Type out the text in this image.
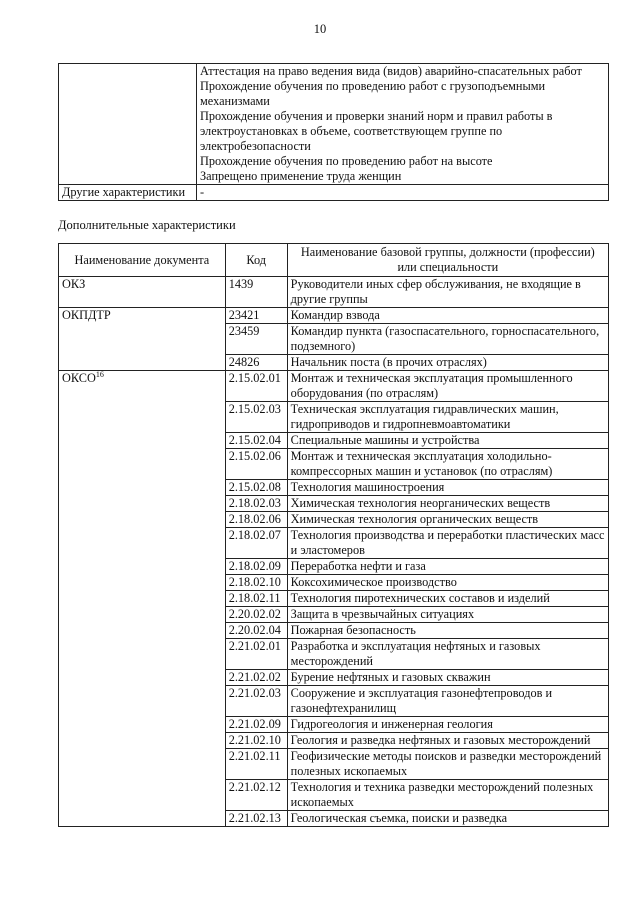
10

	Аттестация на право ведения вида (видов) аварийно-спасательных работ
Прохождение обучения по проведению работ с грузоподъемными механизмами
Прохождение обучения и проверки знаний норм и правил работы в электроустановках в объеме, соответствующем группе по электробезопасности
Прохождение обучения по проведению работ на высоте
Запрещено применение труда женщин

Другие характеристики	-
Дополнительные характеристики
Наименование документа	Код	Наименование базовой группы, должности (профессии) или специальности
ОКЗ	1439	Руководители иных сфер обслуживания, не входящие в другие группы
ОКПДТР	23421	Командир взвода
	23459	Командир пункта (газоспасательного, горноспасательного, подземного)
	24826	Начальник поста (в прочих отраслях)
ОКСО$^{16}$	2.15.02.01	Монтаж и техническая эксплуатация промышленного оборудования (по отраслям)
	2.15.02.03	Техническая эксплуатация гидравлических машин, гидроприводов и гидропневмоавтоматики
	2.15.02.04	Специальные машины и устройства
	2.15.02.06	Монтаж и техническая эксплуатация холодильно-компрессорных машин и установок (по отраслям)
	2.15.02.08	Технология машиностроения
	2.18.02.03	Химическая технология неорганических веществ
	2.18.02.06	Химическая технология органических веществ
	2.18.02.07	Технология производства и переработки пластических масс и эластомеров
	2.18.02.09	Переработка нефти и газа
	2.18.02.10	Коксохимическое производство
	2.18.02.11	Технология пиротехнических составов и изделий
	2.20.02.02	Защита в чрезвычайных ситуациях
	2.20.02.04	Пожарная безопасность
	2.21.02.01	Разработка и эксплуатация нефтяных и газовых месторождений
	2.21.02.02	Бурение нефтяных и газовых скважин
	2.21.02.03	Сооружение и эксплуатация газонефтепроводов и газонефтехранилищ
	2.21.02.09	Гидрогеология и инженерная геология
	2.21.02.10	Геология и разведка нефтяных и газовых месторождений
	2.21.02.11	Геофизические методы поисков и разведки месторождений полезных ископаемых
	2.21.02.12	Технология и техника разведки месторождений полезных ископаемых
	2.21.02.13	Геологическая съемка, поиски и разведка
